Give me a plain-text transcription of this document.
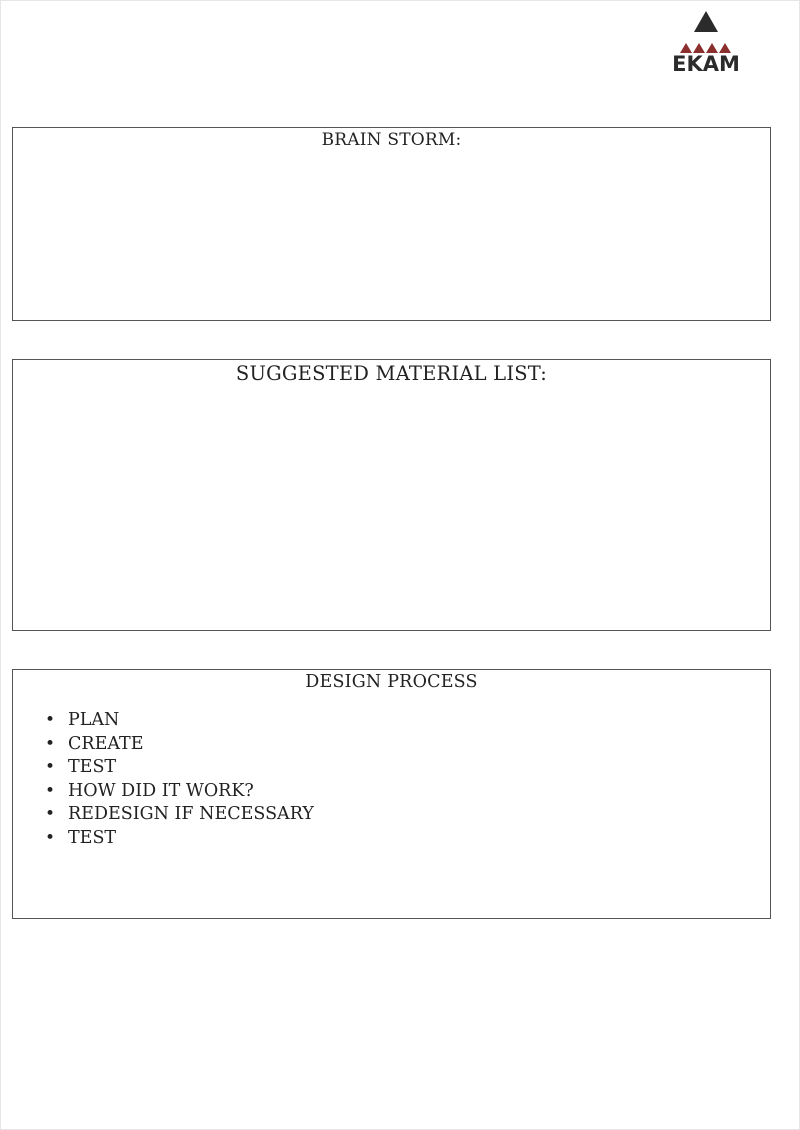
EKAM
BRAIN STORM:
SUGGESTED MATERIAL LIST:
DESIGN PROCESS
• PLAN
• CREATE
• TEST
• HOW DID IT WORK?
• REDESIGN IF NECESSARY
• TEST
